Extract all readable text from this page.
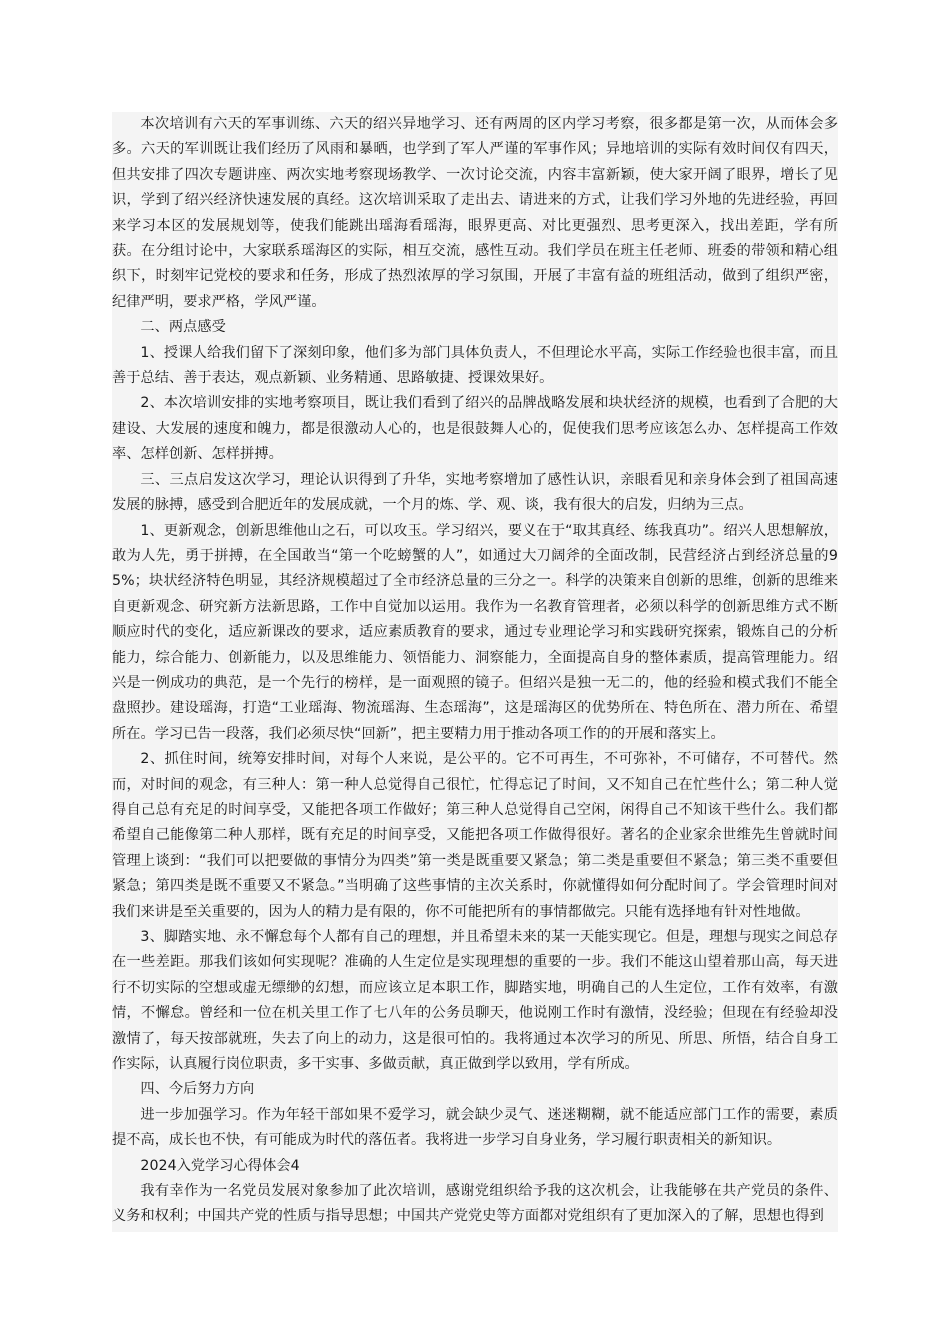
本次培训有六天的军事训练、六天的绍兴异地学习、还有两周的区内学习考察，很多都是第一次，从而体会多多。六天的军训既让我们经历了风雨和暴晒，也学到了军人严谨的军事作风；异地培训的实际有效时间仅有四天，但共安排了四次专题讲座、两次实地考察现场教学、一次讨论交流，内容丰富新颖，使大家开阔了眼界，增长了见识，学到了绍兴经济快速发展的真经。这次培训采取了走出去、请进来的方式，让我们学习外地的先进经验，再回来学习本区的发展规划等，使我们能跳出瑶海看瑶海，眼界更高、对比更强烈、思考更深入，找出差距，学有所获。在分组讨论中，大家联系瑶海区的实际，相互交流，感性互动。我们学员在班主任老师、班委的带领和精心组织下，时刻牢记党校的要求和任务，形成了热烈浓厚的学习氛围，开展了丰富有益的班组活动，做到了组织严密，纪律严明，要求严格，学风严谨。

二、两点感受

1、授课人给我们留下了深刻印象，他们多为部门具体负责人，不但理论水平高，实际工作经验也很丰富，而且善于总结、善于表达，观点新颖、业务精通、思路敏捷、授课效果好。

2、本次培训安排的实地考察项目，既让我们看到了绍兴的品牌战略发展和块状经济的规模，也看到了合肥的大建设、大发展的速度和魄力，都是很激动人心的，也是很鼓舞人心的，促使我们思考应该怎么办、怎样提高工作效率、怎样创新、怎样拼搏。

三、三点启发这次学习，理论认识得到了升华，实地考察增加了感性认识，亲眼看见和亲身体会到了祖国高速发展的脉搏，感受到合肥近年的发展成就，一个月的炼、学、观、谈，我有很大的启发，归纳为三点。

1、更新观念，创新思维他山之石，可以攻玉。学习绍兴，要义在于“取其真经、练我真功”。绍兴人思想解放，敢为人先，勇于拼搏，在全国敢当“第一个吃螃蟹的人”，如通过大刀阔斧的全面改制，民营经济占到经济总量的95%；块状经济特色明显，其经济规模超过了全市经济总量的三分之一。科学的决策来自创新的思维，创新的思维来自更新观念、研究新方法新思路，工作中自觉加以运用。我作为一名教育管理者，必须以科学的创新思维方式不断顺应时代的变化，适应新课改的要求，适应素质教育的要求，通过专业理论学习和实践研究探索，锻炼自己的分析能力，综合能力、创新能力，以及思维能力、领悟能力、洞察能力，全面提高自身的整体素质，提高管理能力。绍兴是一例成功的典范，是一个先行的榜样，是一面观照的镜子。但绍兴是独一无二的，他的经验和模式我们不能全盘照抄。建设瑶海，打造“工业瑶海、物流瑶海、生态瑶海”，这是瑶海区的优势所在、特色所在、潜力所在、希望所在。学习已告一段落，我们必须尽快“回新”，把主要精力用于推动各项工作的的开展和落实上。

2、抓住时间，统筹安排时间，对每个人来说，是公平的。它不可再生，不可弥补，不可储存，不可替代。然而，对时间的观念，有三种人：第一种人总觉得自己很忙，忙得忘记了时间，又不知自己在忙些什么；第二种人觉得自己总有充足的时间享受，又能把各项工作做好；第三种人总觉得自己空闲，闲得自己不知该干些什么。我们都希望自己能像第二种人那样，既有充足的时间享受，又能把各项工作做得很好。著名的企业家余世维先生曾就时间管理上谈到：“我们可以把要做的事情分为四类”第一类是既重要又紧急；第二类是重要但不紧急；第三类不重要但紧急；第四类是既不重要又不紧急。”当明确了这些事情的主次关系时，你就懂得如何分配时间了。学会管理时间对我们来讲是至关重要的，因为人的精力是有限的，你不可能把所有的事情都做完。只能有选择地有针对性地做。

3、脚踏实地、永不懈怠每个人都有自己的理想，并且希望未来的某一天能实现它。但是，理想与现实之间总存在一些差距。那我们该如何实现呢？准确的人生定位是实现理想的重要的一步。我们不能这山望着那山高，每天进行不切实际的空想或虚无缥缈的幻想，而应该立足本职工作，脚踏实地，明确自己的人生定位，工作有效率，有激情，不懈怠。曾经和一位在机关里工作了七八年的公务员聊天，他说刚工作时有激情，没经验；但现在有经验却没激情了，每天按部就班，失去了向上的动力，这是很可怕的。我将通过本次学习的所见、所思、所悟，结合自身工作实际，认真履行岗位职责，多干实事、多做贡献，真正做到学以致用，学有所成。

四、今后努力方向

进一步加强学习。作为年轻干部如果不爱学习，就会缺少灵气、迷迷糊糊，就不能适应部门工作的需要，素质提不高，成长也不快，有可能成为时代的落伍者。我将进一步学习自身业务，学习履行职责相关的新知识。

2024入党学习心得体会4

我有幸作为一名党员发展对象参加了此次培训，感谢党组织给予我的这次机会，让我能够在共产党员的条件、义务和权利；中国共产党的性质与指导思想；中国共产党党史等方面都对党组织有了更加深入的了解，思想也得到
